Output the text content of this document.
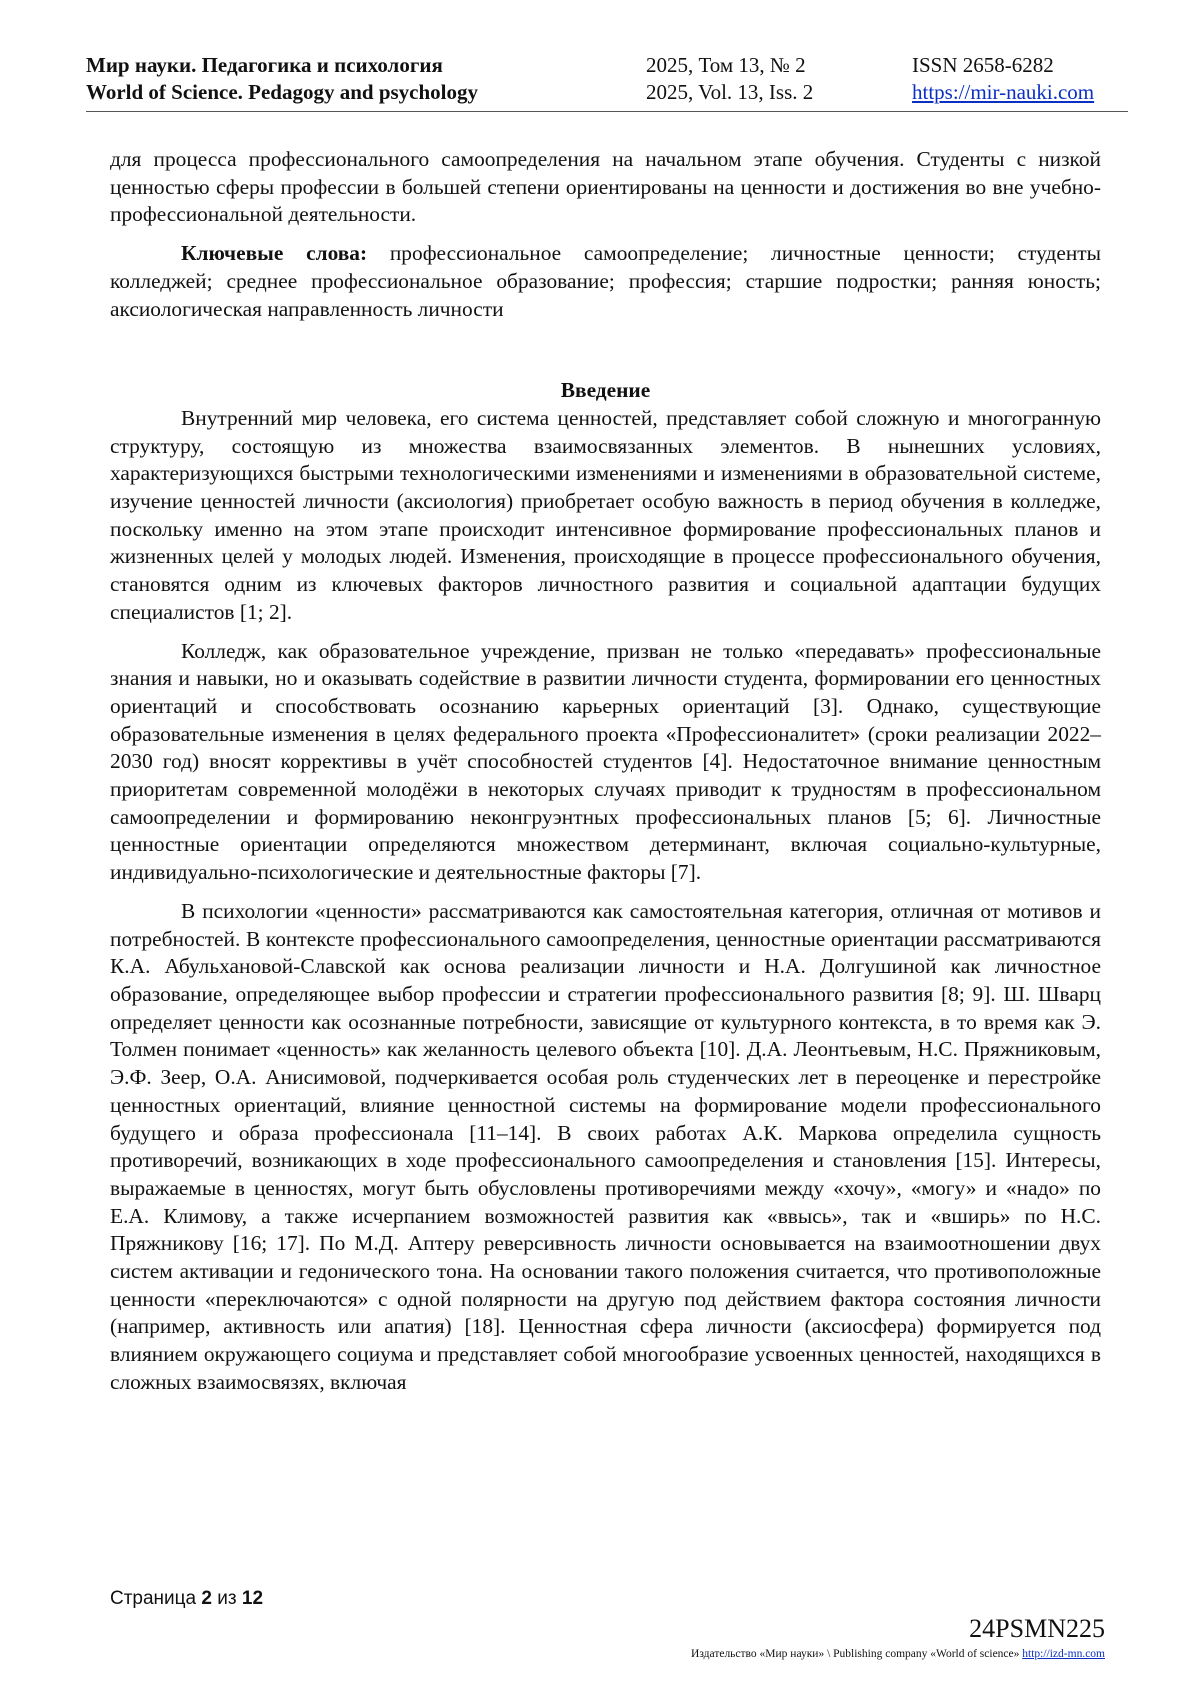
Мир науки. Педагогика и психология
World of Science. Pedagogy and psychology
2025, Том 13, № 2
2025, Vol. 13, Iss. 2
ISSN 2658-6282
https://mir-nauki.com

для процесса профессионального самоопределения на начальном этапе обучения. Студенты с низкой ценностью сферы профессии в большей степени ориентированы на ценности и достижения во вне учебно-профессиональной деятельности.

Ключевые слова: профессиональное самоопределение; личностные ценности; студенты колледжей; среднее профессиональное образование; профессия; старшие подростки; ранняя юность; аксиологическая направленность личности

Введение

Внутренний мир человека, его система ценностей, представляет собой сложную и многогранную структуру, состоящую из множества взаимосвязанных элементов. В нынешних условиях, характеризующихся быстрыми технологическими изменениями и изменениями в образовательной системе, изучение ценностей личности (аксиология) приобретает особую важность в период обучения в колледже, поскольку именно на этом этапе происходит интенсивное формирование профессиональных планов и жизненных целей у молодых людей. Изменения, происходящие в процессе профессионального обучения, становятся одним из ключевых факторов личностного развития и социальной адаптации будущих специалистов [1; 2].

Колледж, как образовательное учреждение, призван не только «передавать» профессиональные знания и навыки, но и оказывать содействие в развитии личности студента, формировании его ценностных ориентаций и способствовать осознанию карьерных ориентаций [3]. Однако, существующие образовательные изменения в целях федерального проекта «Профессионалитет» (сроки реализации 2022–2030 год) вносят коррективы в учёт способностей студентов [4]. Недостаточное внимание ценностным приоритетам современной молодёжи в некоторых случаях приводит к трудностям в профессиональном самоопределении и формированию неконгруэнтных профессиональных планов [5; 6]. Личностные ценностные ориентации определяются множеством детерминант, включая социально-культурные, индивидуально-психологические и деятельностные факторы [7].

В психологии «ценности» рассматриваются как самостоятельная категория, отличная от мотивов и потребностей. В контексте профессионального самоопределения, ценностные ориентации рассматриваются К.А. Абульхановой-Славской как основа реализации личности и Н.А. Долгушиной как личностное образование, определяющее выбор профессии и стратегии профессионального развития [8; 9]. Ш. Шварц определяет ценности как осознанные потребности, зависящие от культурного контекста, в то время как Э. Толмен понимает «ценность» как желанность целевого объекта [10]. Д.А. Леонтьевым, Н.С. Пряжниковым, Э.Ф. Зеер, О.А. Анисимовой, подчеркивается особая роль студенческих лет в переоценке и перестройке ценностных ориентаций, влияние ценностной системы на формирование модели профессионального будущего и образа профессионала [11–14]. В своих работах А.К. Маркова определила сущность противоречий, возникающих в ходе профессионального самоопределения и становления [15]. Интересы, выражаемые в ценностях, могут быть обусловлены противоречиями между «хочу», «могу» и «надо» по Е.А. Климову, а также исчерпанием возможностей развития как «ввысь», так и «вширь» по Н.С. Пряжникову [16; 17]. По М.Д. Аптеру реверсивность личности основывается на взаимоотношении двух систем активации и гедонического тона. На основании такого положения считается, что противоположные ценности «переключаются» с одной полярности на другую под действием фактора состояния личности (например, активность или апатия) [18]. Ценностная сфера личности (аксиосфера) формируется под влиянием окружающего социума и представляет собой многообразие усвоенных ценностей, находящихся в сложных взаимосвязях, включая

Страница 2 из 12
24PSMN225
Издательство «Мир науки» \ Publishing company «World of science» http://izd-mn.com
